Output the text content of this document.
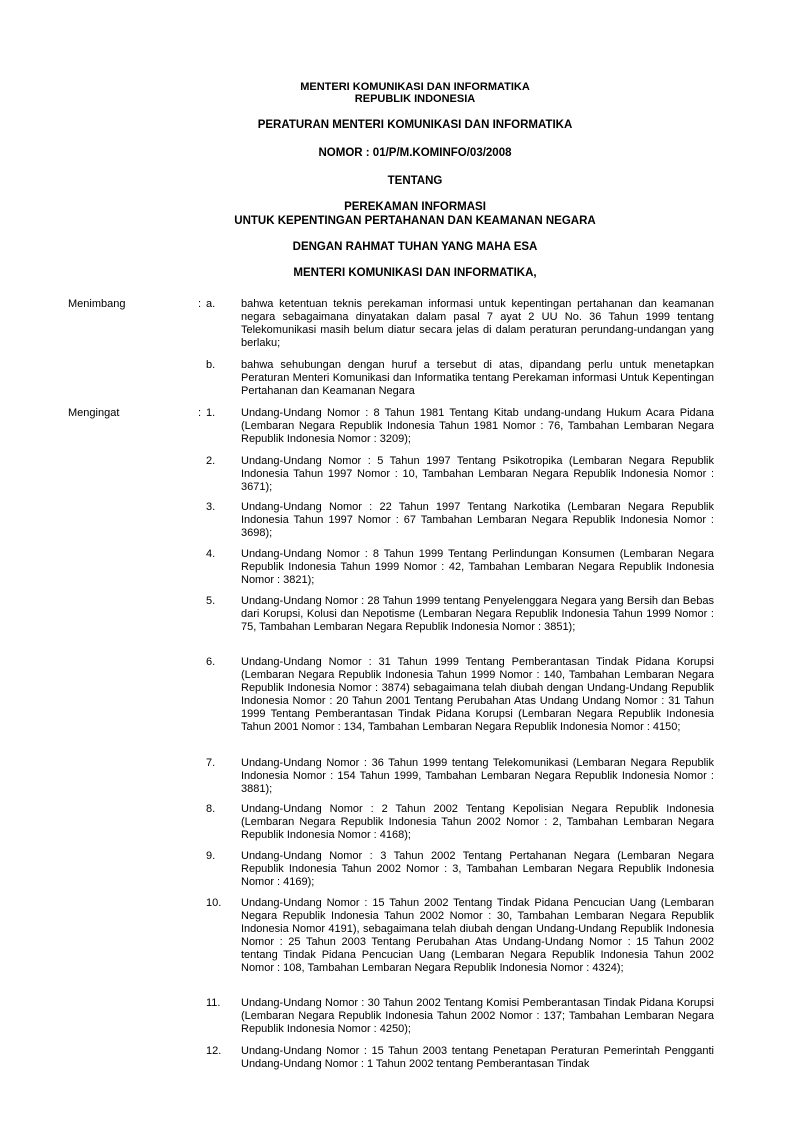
MENTERI KOMUNIKASI DAN INFORMATIKA
REPUBLIK INDONESIA
PERATURAN MENTERI KOMUNIKASI DAN INFORMATIKA
NOMOR : 01/P/M.KOMINFO/03/2008
TENTANG
PEREKAMAN INFORMASI
UNTUK KEPENTINGAN PERTAHANAN DAN KEAMANAN NEGARA
DENGAN RAHMAT TUHAN YANG MAHA ESA
MENTERI KOMUNIKASI DAN INFORMATIKA,
Menimbang	: a.	bahwa ketentuan teknis perekaman informasi untuk kepentingan pertahanan dan keamanan negara sebagaimana dinyatakan dalam pasal 7 ayat 2 UU No. 36 Tahun 1999 tentang Telekomunikasi masih belum diatur secara jelas di dalam peraturan perundang-undangan yang berlaku;
b.	bahwa sehubungan dengan huruf a tersebut di atas, dipandang perlu untuk menetapkan Peraturan Menteri Komunikasi dan Informatika tentang Perekaman informasi Untuk Kepentingan Pertahanan dan Keamanan Negara
Mengingat	: 1.	Undang-Undang Nomor : 8 Tahun 1981 Tentang Kitab undang-undang Hukum Acara Pidana (Lembaran Negara Republik Indonesia Tahun 1981 Nomor : 76, Tambahan Lembaran Negara Republik Indonesia Nomor : 3209);
2.	Undang-Undang Nomor : 5 Tahun 1997 Tentang Psikotropika (Lembaran Negara Republik Indonesia Tahun 1997 Nomor : 10, Tambahan Lembaran Negara Republik Indonesia Nomor : 3671);
3.	Undang-Undang Nomor : 22 Tahun 1997 Tentang Narkotika (Lembaran Negara Republik Indonesia Tahun 1997 Nomor : 67 Tambahan Lembaran Negara Republik Indonesia Nomor : 3698);
4.	Undang-Undang Nomor : 8 Tahun 1999 Tentang Perlindungan Konsumen (Lembaran Negara Republik Indonesia Tahun 1999 Nomor : 42, Tambahan Lembaran Negara Republik Indonesia Nomor : 3821);
5.	Undang-Undang Nomor : 28 Tahun 1999 tentang Penyelenggara Negara yang Bersih dan Bebas dari Korupsi, Kolusi dan Nepotisme (Lembaran Negara Republik Indonesia Tahun 1999 Nomor : 75, Tambahan Lembaran Negara Republik Indonesia Nomor : 3851);
6.	Undang-Undang Nomor : 31 Tahun 1999 Tentang Pemberantasan Tindak Pidana Korupsi (Lembaran Negara Republik Indonesia Tahun 1999 Nomor : 140, Tambahan Lembaran Negara Republik Indonesia Nomor : 3874) sebagaimana telah diubah dengan Undang-Undang Republik Indonesia Nomor : 20 Tahun 2001 Tentang Perubahan Atas Undang Undang Nomor : 31 Tahun 1999 Tentang Pemberantasan Tindak Pidana Korupsi (Lembaran Negara Republik Indonesia Tahun 2001 Nomor : 134, Tambahan Lembaran Negara Republik Indonesia Nomor : 4150;
7.	Undang-Undang Nomor : 36 Tahun 1999 tentang Telekomunikasi (Lembaran Negara Republik Indonesia Nomor : 154 Tahun 1999, Tambahan Lembaran Negara Republik Indonesia Nomor : 3881);
8.	Undang-Undang Nomor : 2 Tahun 2002 Tentang Kepolisian Negara Republik Indonesia (Lembaran Negara Republik Indonesia Tahun 2002 Nomor : 2, Tambahan Lembaran Negara Republik Indonesia Nomor : 4168);
9.	Undang-Undang Nomor : 3 Tahun 2002 Tentang Pertahanan Negara (Lembaran Negara Republik Indonesia Tahun 2002 Nomor : 3, Tambahan Lembaran Negara Republik Indonesia Nomor : 4169);
10.	Undang-Undang Nomor : 15 Tahun 2002 Tentang Tindak Pidana Pencucian Uang (Lembaran Negara Republik Indonesia Tahun 2002 Nomor : 30, Tambahan Lembaran Negara Republik Indonesia Nomor 4191), sebagaimana telah diubah dengan Undang-Undang Republik Indonesia Nomor : 25 Tahun 2003 Tentang Perubahan Atas Undang-Undang Nomor : 15 Tahun 2002 tentang Tindak Pidana Pencucian Uang (Lembaran Negara Republik Indonesia Tahun 2002 Nomor : 108, Tambahan Lembaran Negara Republik Indonesia Nomor : 4324);
11.	Undang-Undang Nomor : 30 Tahun 2002 Tentang Komisi Pemberantasan Tindak Pidana Korupsi (Lembaran Negara Republik Indonesia Tahun 2002 Nomor : 137; Tambahan Lembaran Negara Republik Indonesia Nomor : 4250);
12.	Undang-Undang Nomor : 15 Tahun 2003 tentang Penetapan Peraturan Pemerintah Pengganti Undang-Undang Nomor : 1 Tahun 2002 tentang Pemberantasan Tindak
